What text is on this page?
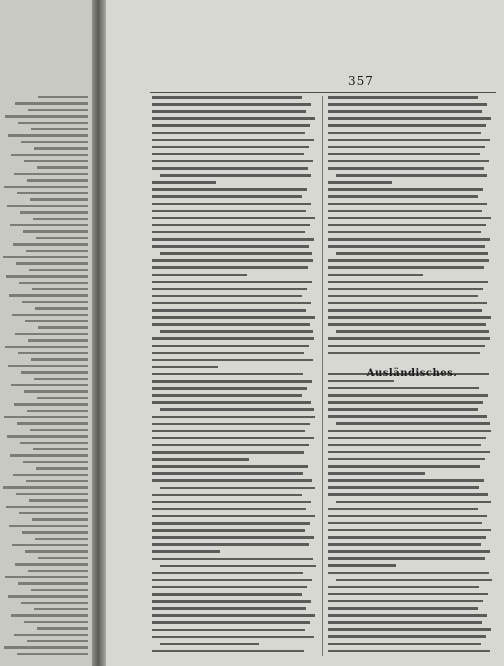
357
Ausländisches.
